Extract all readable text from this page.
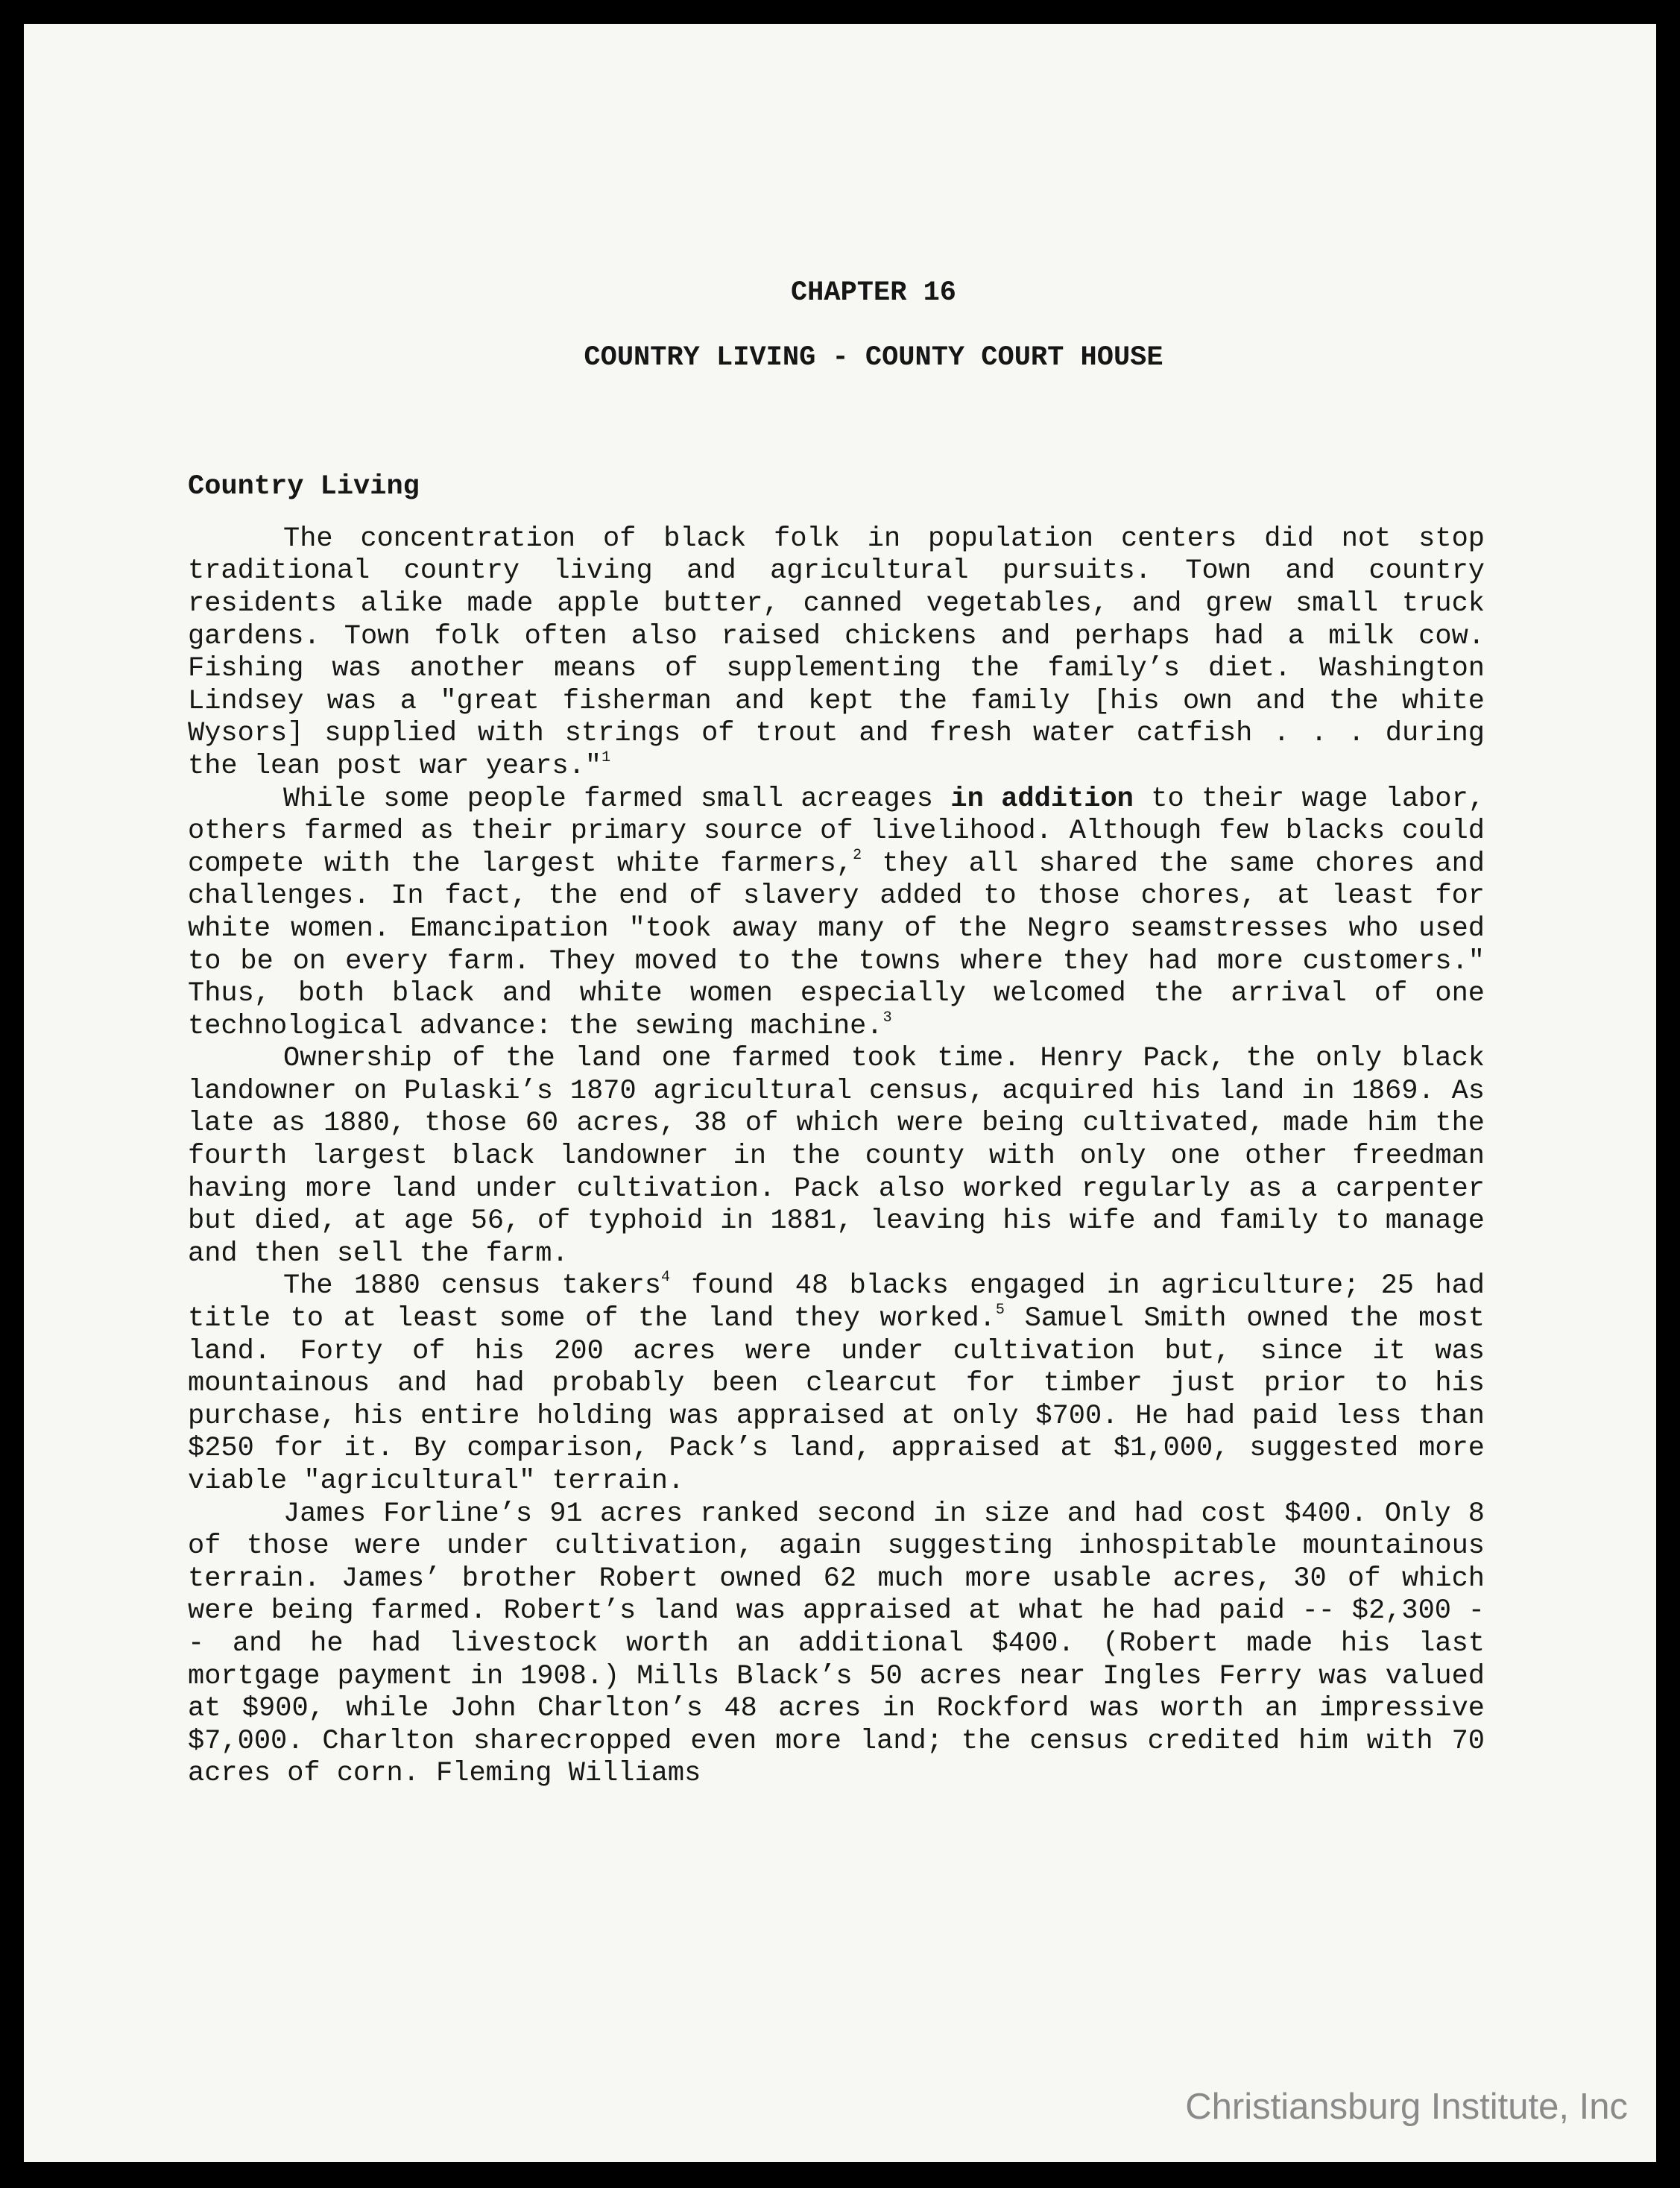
CHAPTER 16

COUNTRY LIVING - COUNTY COURT HOUSE

Country Living

The concentration of black folk in population centers did not stop traditional country living and agricultural pursuits. Town and country residents alike made apple butter, canned vegetables, and grew small truck gardens. Town folk often also raised chickens and perhaps had a milk cow. Fishing was another means of supplementing the family’s diet. Washington Lindsey was a "great fisherman and kept the family [his own and the white Wysors] supplied with strings of trout and fresh water catfish . . . during the lean post war years."$^1$

While some people farmed small acreages in addition to their wage labor, others farmed as their primary source of livelihood. Although few blacks could compete with the largest white farmers,$^2$ they all shared the same chores and challenges. In fact, the end of slavery added to those chores, at least for white women. Emancipation "took away many of the Negro seamstresses who used to be on every farm. They moved to the towns where they had more customers." Thus, both black and white women especially welcomed the arrival of one technological advance: the sewing machine.$^3$

Ownership of the land one farmed took time. Henry Pack, the only black landowner on Pulaski’s 1870 agricultural census, acquired his land in 1869. As late as 1880, those 60 acres, 38 of which were being cultivated, made him the fourth largest black landowner in the county with only one other freedman having more land under cultivation. Pack also worked regularly as a carpenter but died, at age 56, of typhoid in 1881, leaving his wife and family to manage and then sell the farm.

The 1880 census takers$^4$ found 48 blacks engaged in agriculture; 25 had title to at least some of the land they worked.$^5$ Samuel Smith owned the most land. Forty of his 200 acres were under cultivation but, since it was mountainous and had probably been clearcut for timber just prior to his purchase, his entire holding was appraised at only $700. He had paid less than $250 for it. By comparison, Pack’s land, appraised at $1,000, suggested more viable "agricultural" terrain.

James Forline’s 91 acres ranked second in size and had cost $400. Only 8 of those were under cultivation, again suggesting inhospitable mountainous terrain. James’ brother Robert owned 62 much more usable acres, 30 of which were being farmed. Robert’s land was appraised at what he had paid -- $2,300 -- and he had livestock worth an additional $400. (Robert made his last mortgage payment in 1908.) Mills Black’s 50 acres near Ingles Ferry was valued at $900, while John Charlton’s 48 acres in Rockford was worth an impressive $7,000. Charlton sharecropped even more land; the census credited him with 70 acres of corn. Fleming Williams

Christiansburg Institute, Inc
